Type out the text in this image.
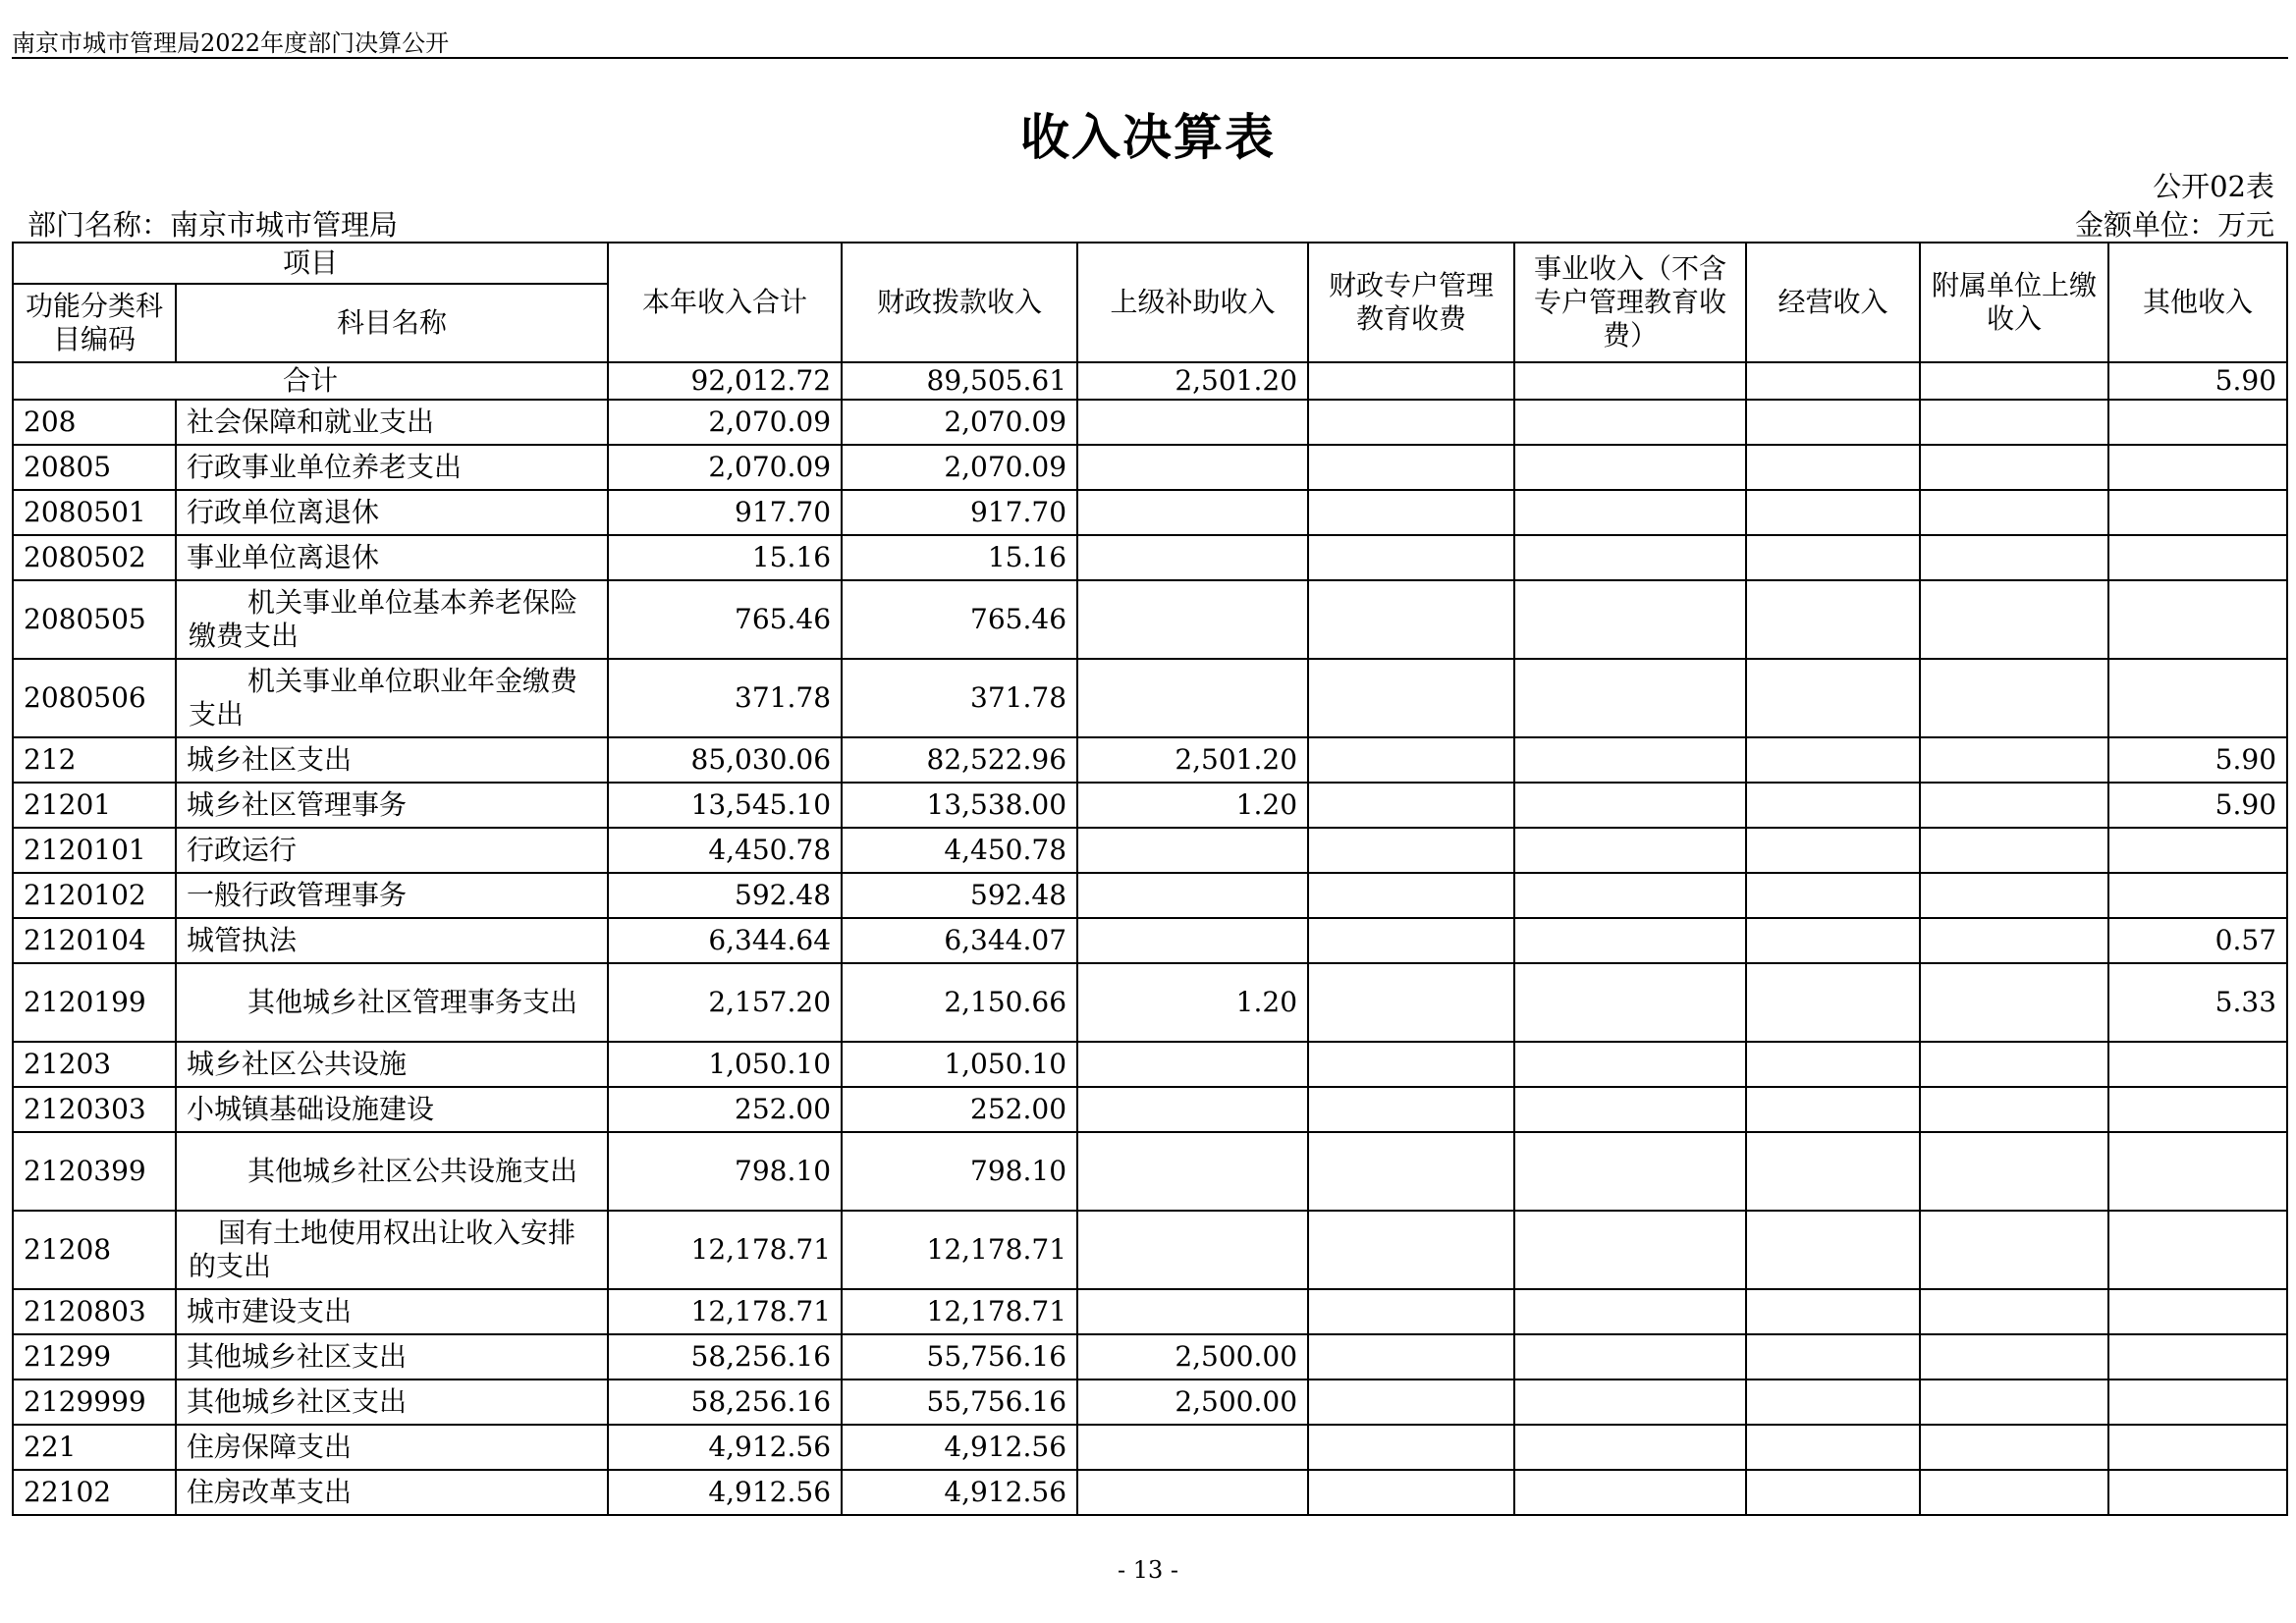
南京市城市管理局2022年度部门决算公开
收入决算表
公开02表
部门名称：南京市城市管理局	金额单位：万元
项目		本年收入合计	财政拨款收入	上级补助收入	财政专户管理教育收费	事业收入（不含专户管理教育收费）	经营收入	附属单位上缴收入	其他收入
功能分类科目编码	科目名称								
合计		92,012.72	89,505.61	2,501.20					5.90
208	社会保障和就业支出	2,070.09	2,070.09						
20805	行政事业单位养老支出	2,070.09	2,070.09						
2080501	行政单位离退休	917.70	917.70						
2080502	事业单位离退休	15.16	15.16						
2080505	机关事业单位基本养老保险缴费支出	765.46	765.46						
2080506	机关事业单位职业年金缴费支出	371.78	371.78						
212	城乡社区支出	85,030.06	82,522.96	2,501.20					5.90
21201	城乡社区管理事务	13,545.10	13,538.00	1.20					5.90
2120101	行政运行	4,450.78	4,450.78						
2120102	一般行政管理事务	592.48	592.48						
2120104	城管执法	6,344.64	6,344.07						0.57
2120199	其他城乡社区管理事务支出	2,157.20	2,150.66	1.20					5.33
21203	城乡社区公共设施	1,050.10	1,050.10						
2120303	小城镇基础设施建设	252.00	252.00						
2120399	其他城乡社区公共设施支出	798.10	798.10						
21208	国有土地使用权出让收入安排的支出	12,178.71	12,178.71						
2120803	城市建设支出	12,178.71	12,178.71						
21299	其他城乡社区支出	58,256.16	55,756.16	2,500.00					
2129999	其他城乡社区支出	58,256.16	55,756.16	2,500.00					
221	住房保障支出	4,912.56	4,912.56						
22102	住房改革支出	4,912.56	4,912.56						
- 13 -
